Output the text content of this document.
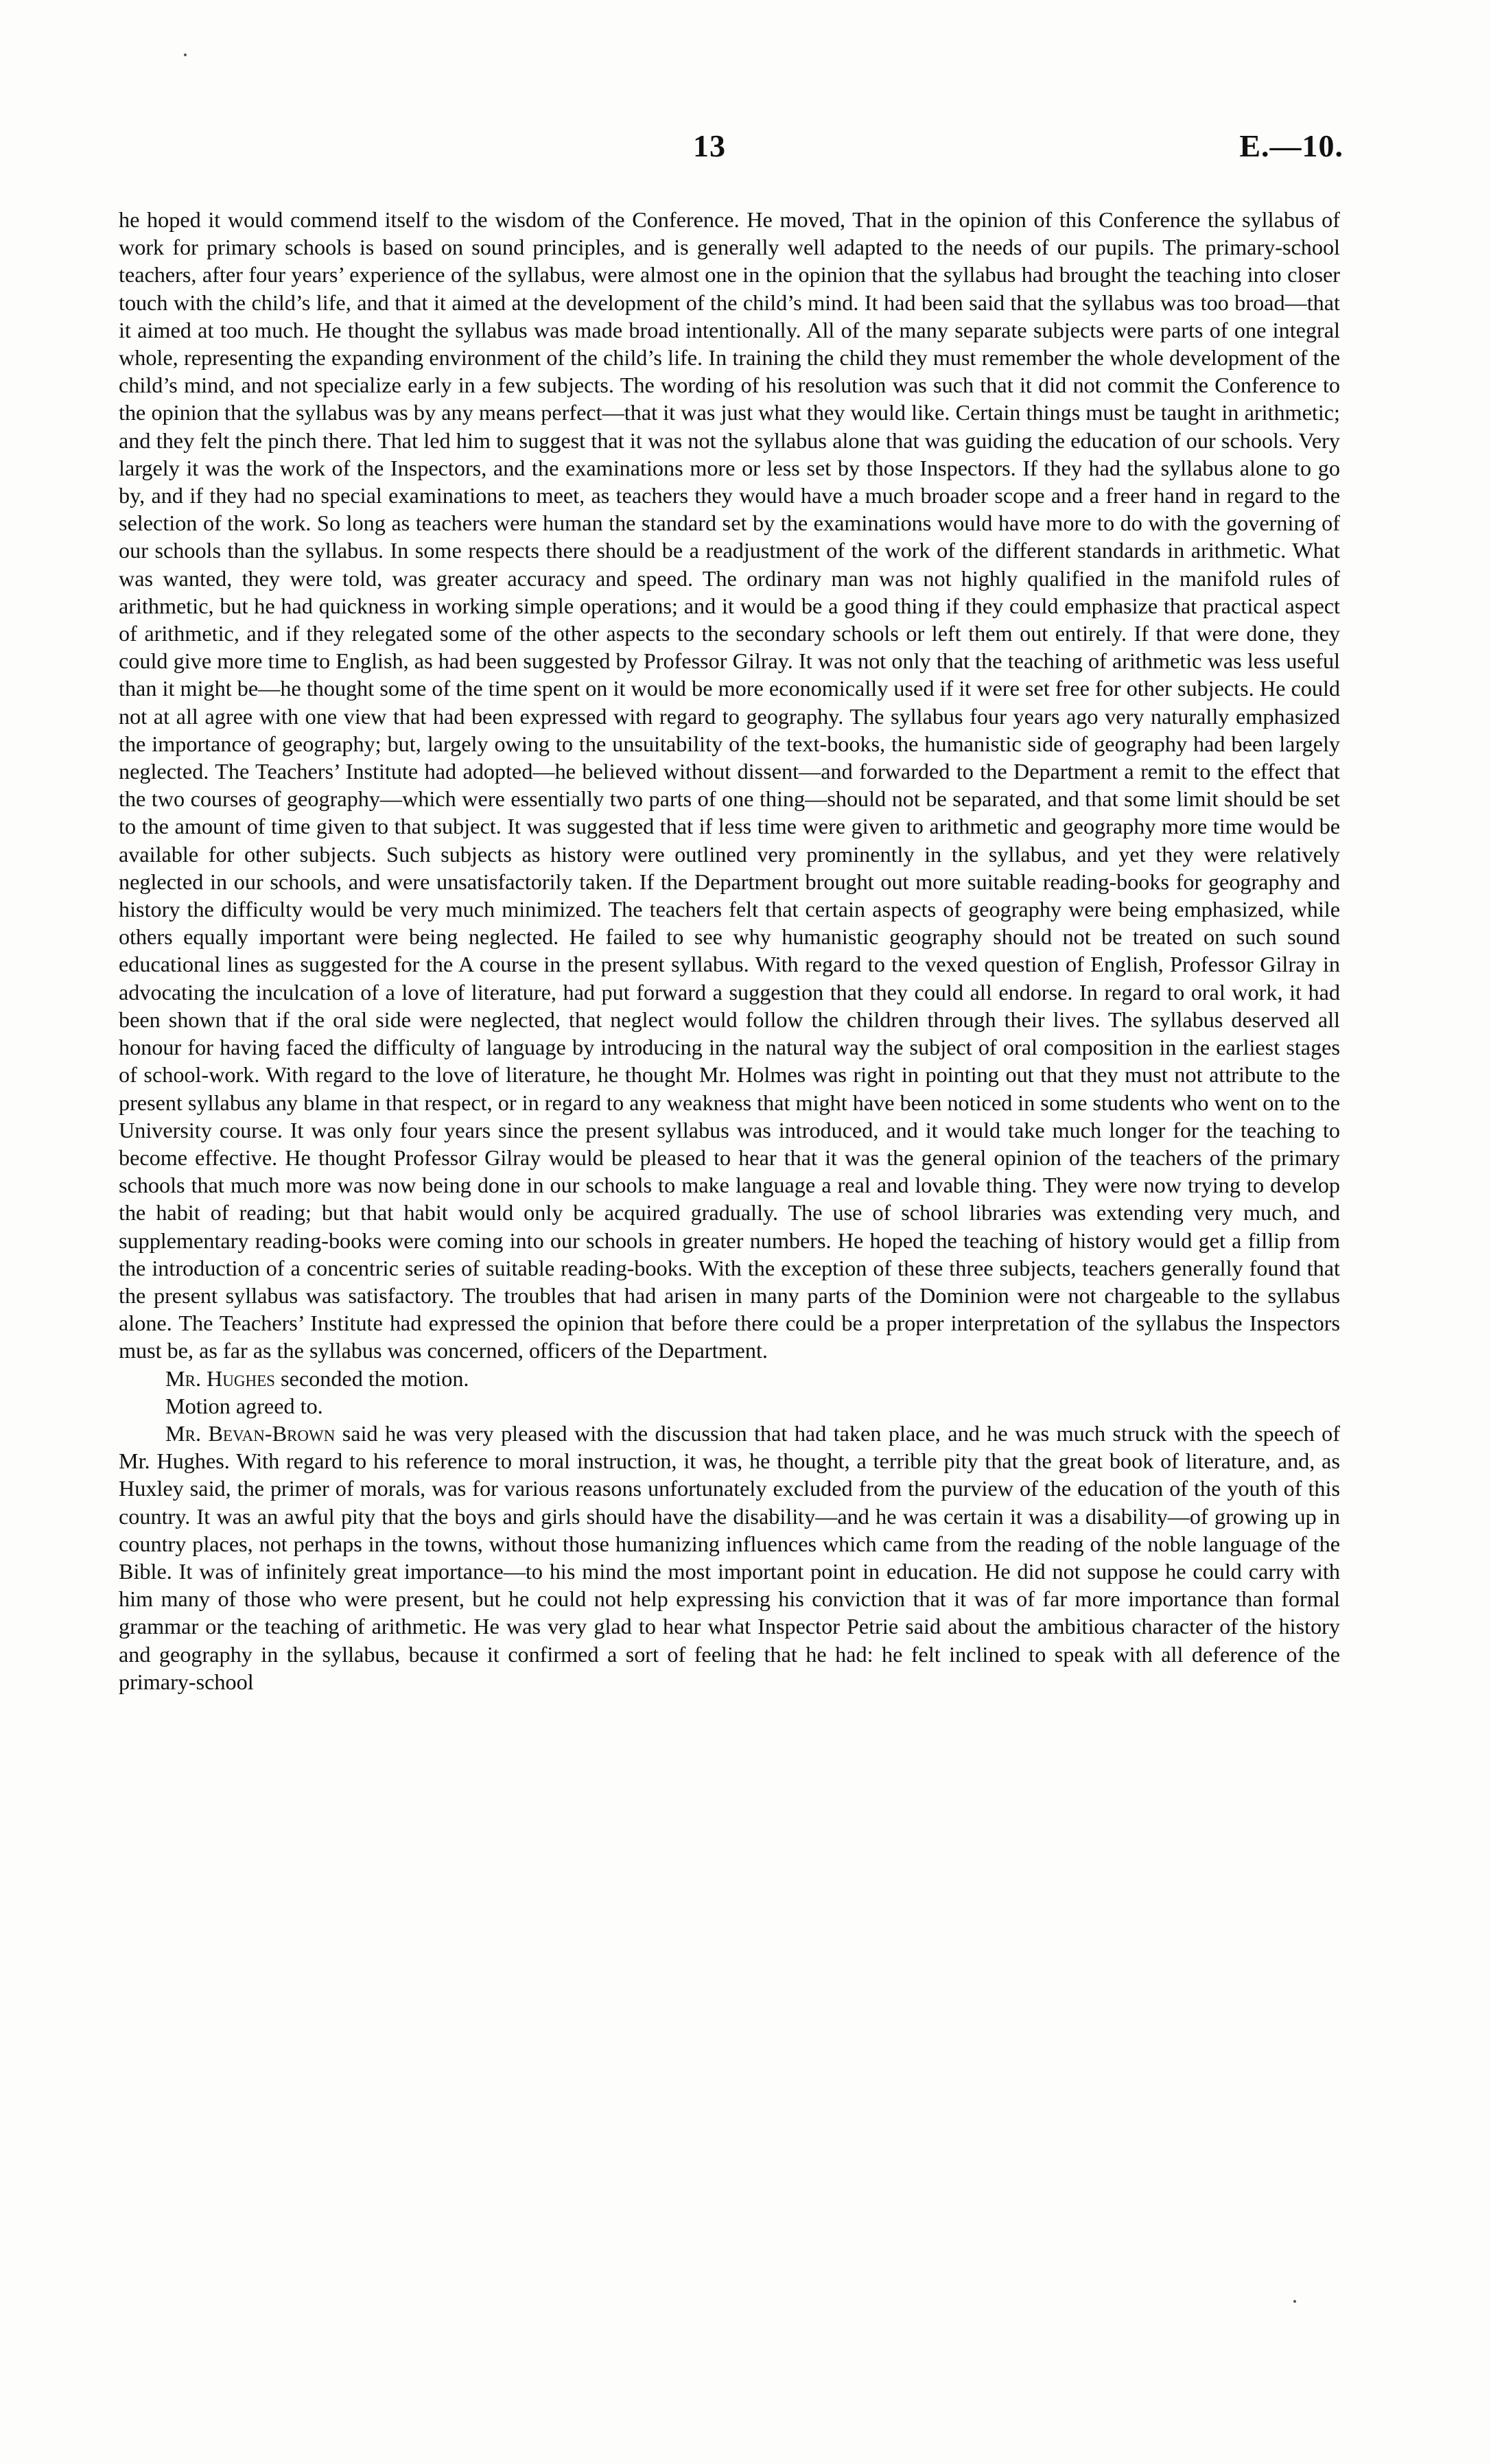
13	E.—10.

he hoped it would commend itself to the wisdom of the Conference. He moved, That in the opinion of this Conference the syllabus of work for primary schools is based on sound principles, and is generally well adapted to the needs of our pupils. The primary-school teachers, after four years’ experience of the syllabus, were almost one in the opinion that the syllabus had brought the teaching into closer touch with the child’s life, and that it aimed at the development of the child’s mind. It had been said that the syllabus was too broad—that it aimed at too much. He thought the syllabus was made broad intentionally. All of the many separate subjects were parts of one integral whole, representing the expanding environment of the child’s life. In training the child they must remember the whole development of the child’s mind, and not specialize early in a few subjects. The wording of his resolution was such that it did not commit the Conference to the opinion that the syllabus was by any means perfect—that it was just what they would like. Certain things must be taught in arithmetic; and they felt the pinch there. That led him to suggest that it was not the syllabus alone that was guiding the education of our schools. Very largely it was the work of the Inspectors, and the examinations more or less set by those Inspectors. If they had the syllabus alone to go by, and if they had no special examinations to meet, as teachers they would have a much broader scope and a freer hand in regard to the selection of the work. So long as teachers were human the standard set by the examinations would have more to do with the governing of our schools than the syllabus. In some respects there should be a readjustment of the work of the different standards in arithmetic. What was wanted, they were told, was greater accuracy and speed. The ordinary man was not highly qualified in the manifold rules of arithmetic, but he had quickness in working simple operations; and it would be a good thing if they could emphasize that practical aspect of arithmetic, and if they relegated some of the other aspects to the secondary schools or left them out entirely. If that were done, they could give more time to English, as had been suggested by Professor Gilray. It was not only that the teaching of arithmetic was less useful than it might be—he thought some of the time spent on it would be more economically used if it were set free for other subjects. He could not at all agree with one view that had been expressed with regard to geography. The syllabus four years ago very naturally emphasized the importance of geography; but, largely owing to the unsuitability of the text-books, the humanistic side of geography had been largely neglected. The Teachers’ Institute had adopted—he believed without dissent—and forwarded to the Department a remit to the effect that the two courses of geography—which were essentially two parts of one thing—should not be separated, and that some limit should be set to the amount of time given to that subject. It was suggested that if less time were given to arithmetic and geography more time would be available for other subjects. Such subjects as history were outlined very prominently in the syllabus, and yet they were relatively neglected in our schools, and were unsatisfactorily taken. If the Department brought out more suitable reading-books for geography and history the difficulty would be very much minimized. The teachers felt that certain aspects of geography were being emphasized, while others equally important were being neglected. He failed to see why humanistic geography should not be treated on such sound educational lines as suggested for the A course in the present syllabus. With regard to the vexed question of English, Professor Gilray in advocating the inculcation of a love of literature, had put forward a suggestion that they could all endorse. In regard to oral work, it had been shown that if the oral side were neglected, that neglect would follow the children through their lives. The syllabus deserved all honour for having faced the difficulty of language by introducing in the natural way the subject of oral composition in the earliest stages of school-work. With regard to the love of literature, he thought Mr. Holmes was right in pointing out that they must not attribute to the present syllabus any blame in that respect, or in regard to any weakness that might have been noticed in some students who went on to the University course. It was only four years since the present syllabus was introduced, and it would take much longer for the teaching to become effective. He thought Professor Gilray would be pleased to hear that it was the general opinion of the teachers of the primary schools that much more was now being done in our schools to make language a real and lovable thing. They were now trying to develop the habit of reading; but that habit would only be acquired gradually. The use of school libraries was extending very much, and supplementary reading-books were coming into our schools in greater numbers. He hoped the teaching of history would get a fillip from the introduction of a concentric series of suitable reading-books. With the exception of these three subjects, teachers generally found that the present syllabus was satisfactory. The troubles that had arisen in many parts of the Dominion were not chargeable to the syllabus alone. The Teachers’ Institute had expressed the opinion that before there could be a proper interpretation of the syllabus the Inspectors must be, as far as the syllabus was concerned, officers of the Department.

Mr. Hughes seconded the motion.

Motion agreed to.

Mr. Bevan-Brown said he was very pleased with the discussion that had taken place, and he was much struck with the speech of Mr. Hughes. With regard to his reference to moral instruction, it was, he thought, a terrible pity that the great book of literature, and, as Huxley said, the primer of morals, was for various reasons unfortunately excluded from the purview of the education of the youth of this country. It was an awful pity that the boys and girls should have the disability—and he was certain it was a disability—of growing up in country places, not perhaps in the towns, without those humanizing influences which came from the reading of the noble language of the Bible. It was of infinitely great importance—to his mind the most important point in education. He did not suppose he could carry with him many of those who were present, but he could not help expressing his conviction that it was of far more importance than formal grammar or the teaching of arithmetic. He was very glad to hear what Inspector Petrie said about the ambitious character of the history and geography in the syllabus, because it confirmed a sort of feeling that he had: he felt inclined to speak with all deference of the primary-school
